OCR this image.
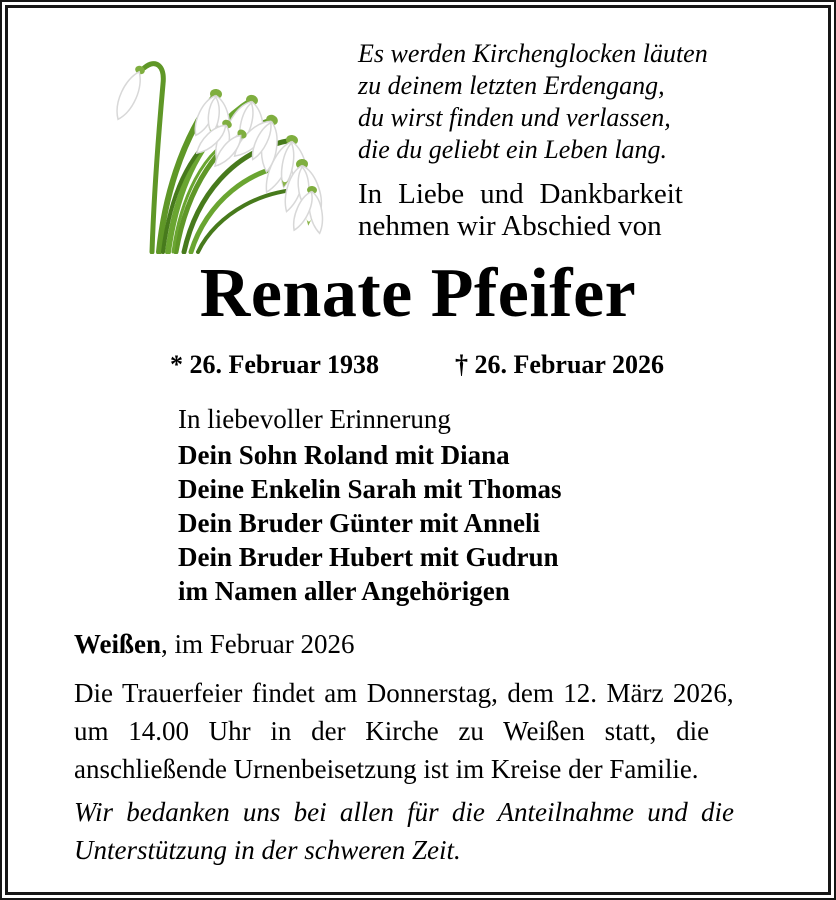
Es werden Kirchenglocken läuten
zu deinem letzten Erdengang,
du wirst finden und verlassen,
die du geliebt ein Leben lang.
In Liebe und Dankbarkeit
nehmen wir Abschied von
Renate Pfeifer
* 26. Februar 1938	† 26. Februar 2026
In liebevoller Erinnerung
Dein Sohn Roland mit Diana
Deine Enkelin Sarah mit Thomas
Dein Bruder Günter mit Anneli
Dein Bruder Hubert mit Gudrun
im Namen aller Angehörigen
Weißen, im Februar 2026
Die Trauerfeier findet am Donnerstag, dem 12. März 2026,
um 14.00 Uhr in der Kirche zu Weißen statt, die
anschließende Urnenbeisetzung ist im Kreise der Familie.
Wir bedanken uns bei allen für die Anteilnahme und die
Unterstützung in der schweren Zeit.
